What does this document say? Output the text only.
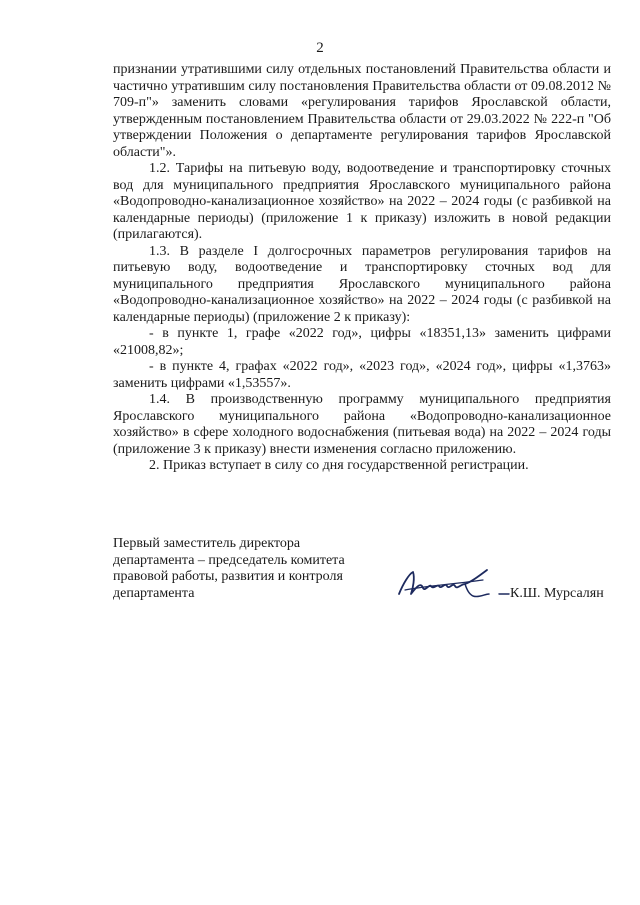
2

признании утратившими силу отдельных постановлений Правительства области и частично утратившим силу постановления Правительства области от 09.08.2012 № 709-п"» заменить словами «регулирования тарифов Ярославской области, утвержденным постановлением Правительства области от 29.03.2022 № 222-п "Об утверждении Положения о департаменте регулирования тарифов Ярославской области"».

1.2. Тарифы на питьевую воду, водоотведение и транспортировку сточных вод для муниципального предприятия Ярославского муниципального района «Водопроводно-канализационное хозяйство» на 2022 – 2024 годы (с разбивкой на календарные периоды) (приложение 1 к приказу) изложить в новой редакции (прилагаются).

1.3. В разделе I долгосрочных параметров регулирования тарифов на питьевую воду, водоотведение и транспортировку сточных вод для муниципального предприятия Ярославского муниципального района «Водопроводно-канализационное хозяйство» на 2022 – 2024 годы (с разбивкой на календарные периоды) (приложение 2 к приказу):

- в пункте 1, графе «2022 год», цифры «18351,13» заменить цифрами «21008,82»;

- в пункте 4, графах «2022 год», «2023 год», «2024 год», цифры «1,3763» заменить цифрами «1,53557».

1.4. В производственную программу муниципального предприятия Ярославского муниципального района «Водопроводно-канализационное хозяйство» в сфере холодного водоснабжения (питьевая вода) на 2022 – 2024 годы (приложение 3 к приказу) внести изменения согласно приложению.

2. Приказ вступает в силу со дня государственной регистрации.

Первый заместитель директора
департамента – председатель комитета
правовой работы, развития и контроля
департамента	К.Ш. Мурсалян
